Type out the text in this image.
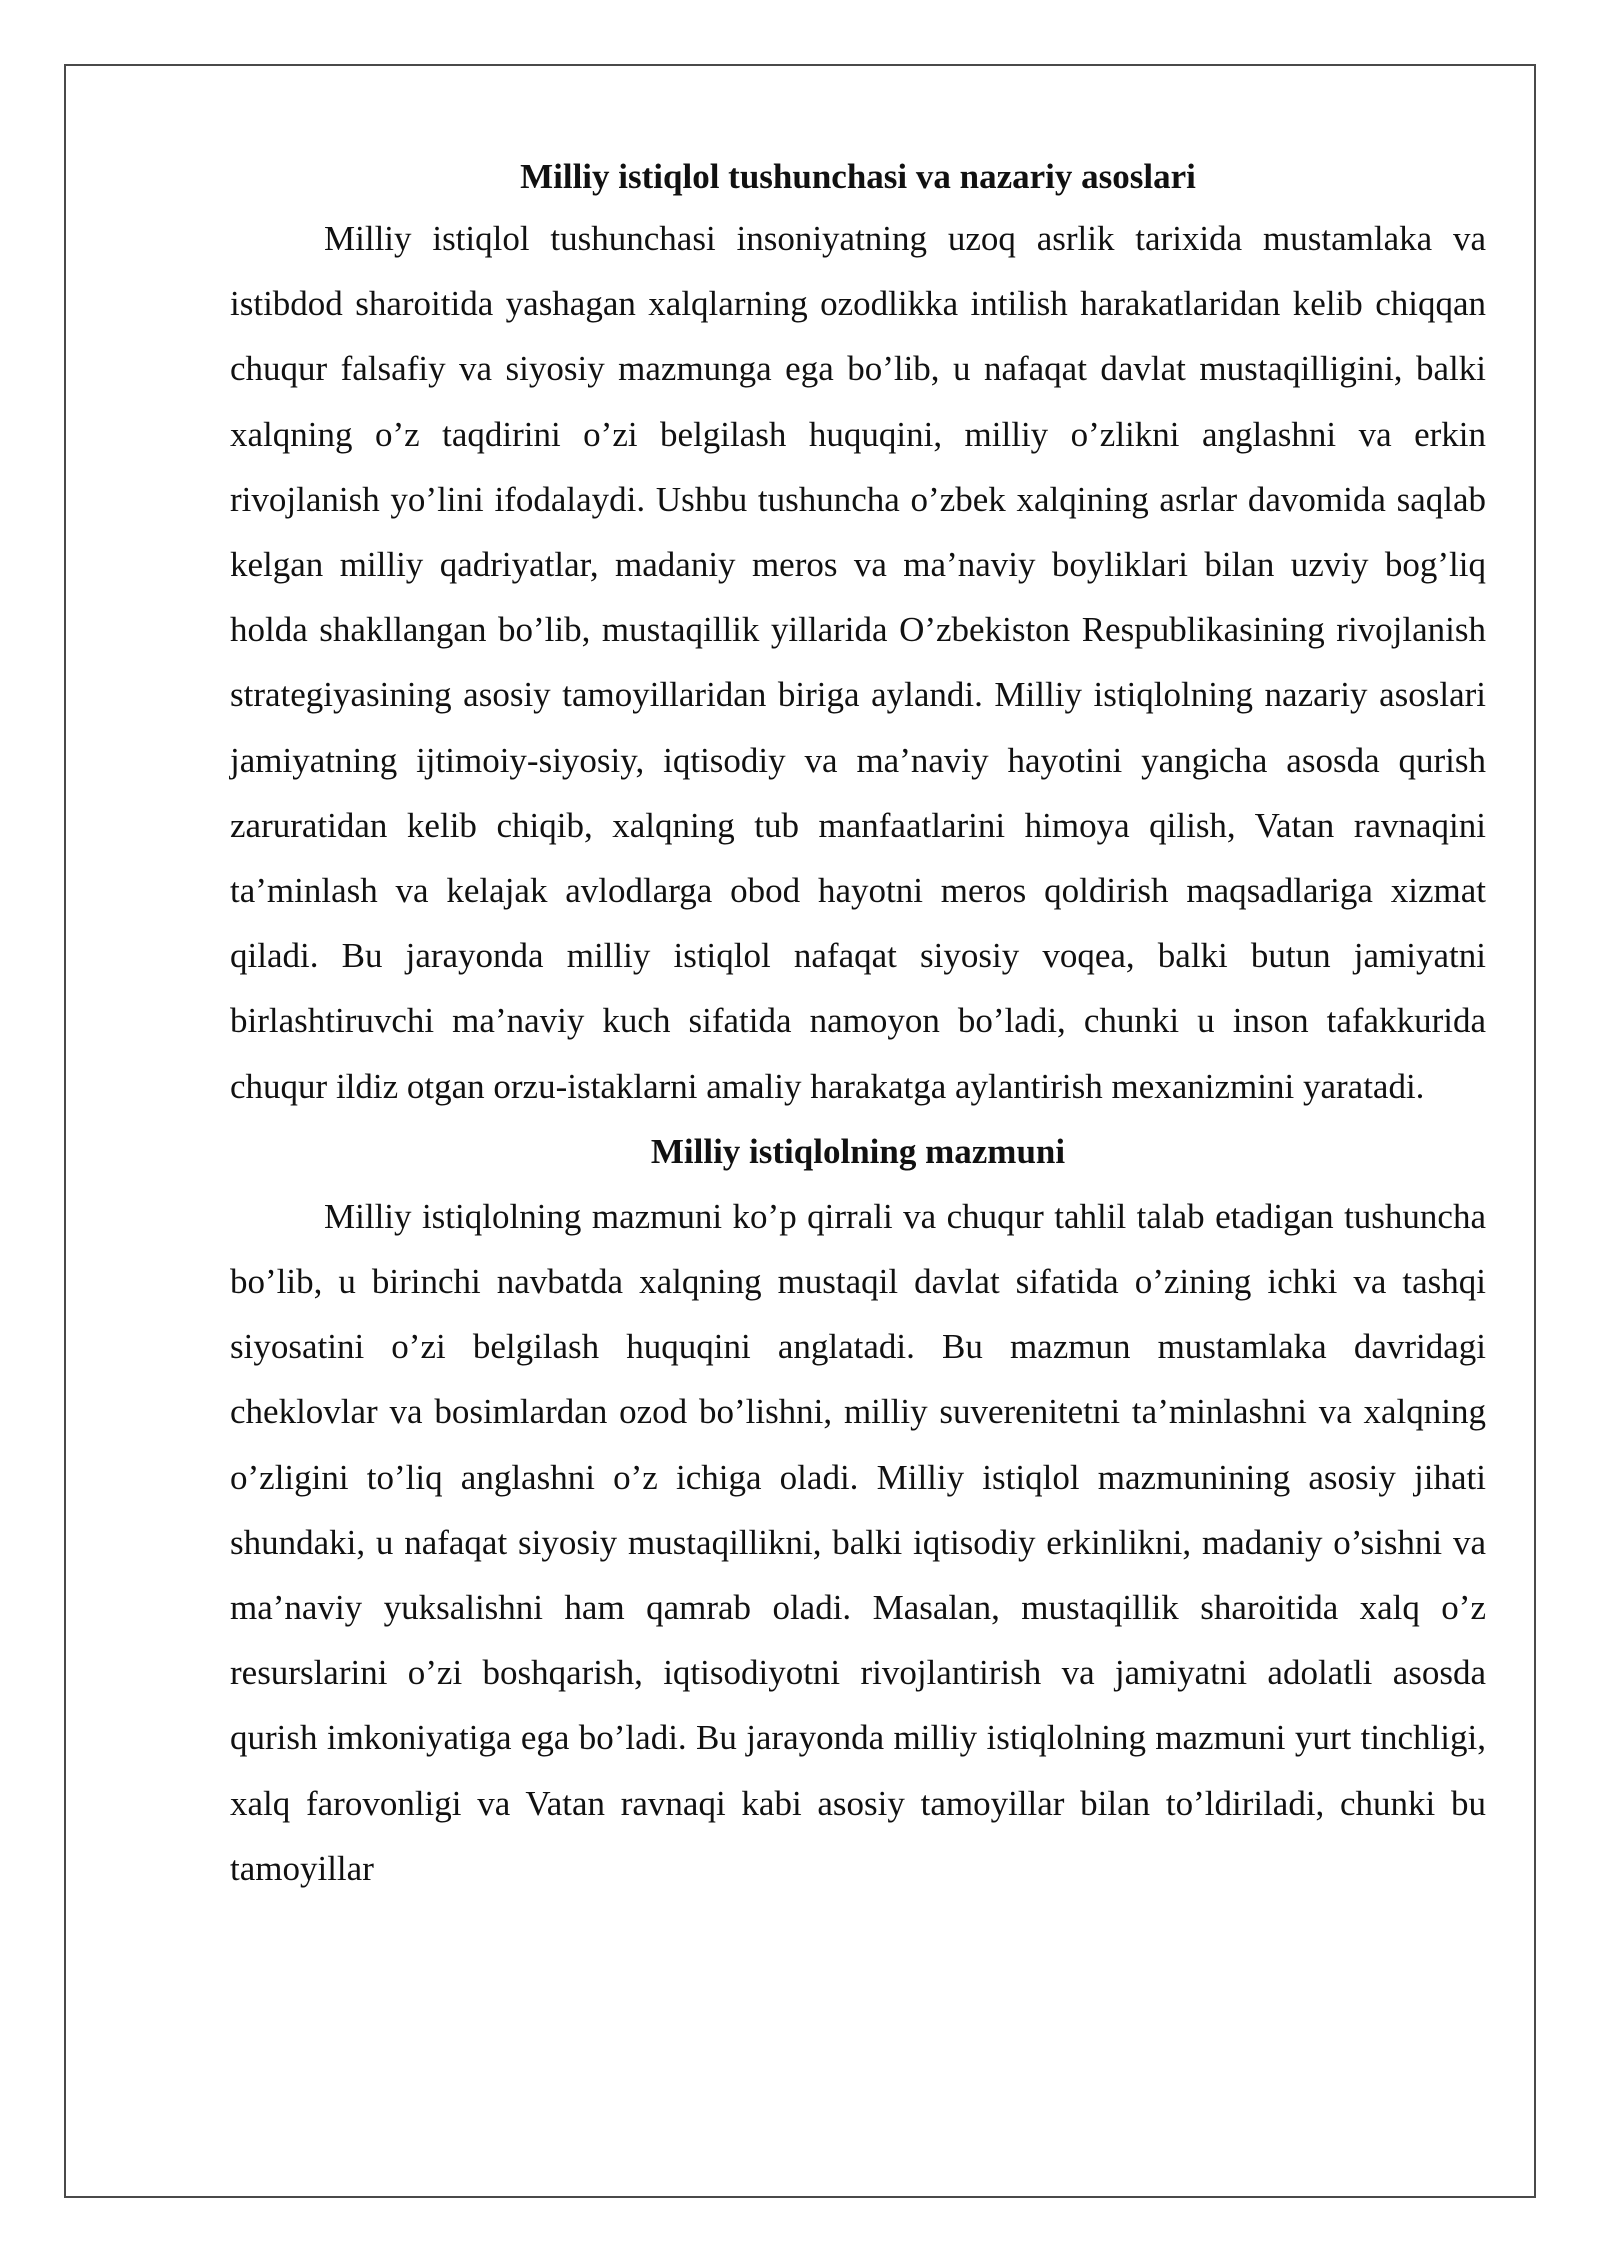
Milliy istiqlol tushunchasi va nazariy asoslari

Milliy istiqlol tushunchasi insoniyatning uzoq asrlik tarixida mustamlaka va istibdod sharoitida yashagan xalqlarning ozodlikka intilish harakatlaridan kelib chiqqan chuqur falsafiy va siyosiy mazmunga ega bo’lib, u nafaqat davlat mustaqilligini, balki xalqning o’z taqdirini o’zi belgilash huquqini, milliy o’zlikni anglashni va erkin rivojlanish yo’lini ifodalaydi. Ushbu tushuncha o’zbek xalqining asrlar davomida saqlab kelgan milliy qadriyatlar, madaniy meros va ma’naviy boyliklari bilan uzviy bog’liq holda shakllangan bo’lib, mustaqillik yillarida O’zbekiston Respublikasining rivojlanish strategiyasining asosiy tamoyillaridan biriga aylandi. Milliy istiqlolning nazariy asoslari jamiyatning ijtimoiy-siyosiy, iqtisodiy va ma’naviy hayotini yangicha asosda qurish zaruratidan kelib chiqib, xalqning tub manfaatlarini himoya qilish, Vatan ravnaqini ta’minlash va kelajak avlodlarga obod hayotni meros qoldirish maqsadlariga xizmat qiladi. Bu jarayonda milliy istiqlol nafaqat siyosiy voqea, balki butun jamiyatni birlashtiruvchi ma’naviy kuch sifatida namoyon bo’ladi, chunki u inson tafakkurida chuqur ildiz otgan orzu-istaklarni amaliy harakatga aylantirish mexanizmini yaratadi.

Milliy istiqlolning mazmuni

Milliy istiqlolning mazmuni ko’p qirrali va chuqur tahlil talab etadigan tushuncha bo’lib, u birinchi navbatda xalqning mustaqil davlat sifatida o’zining ichki va tashqi siyosatini o’zi belgilash huquqini anglatadi. Bu mazmun mustamlaka davridagi cheklovlar va bosimlardan ozod bo’lishni, milliy suverenitetni ta’minlashni va xalqning o’zligini to’liq anglashni o’z ichiga oladi. Milliy istiqlol mazmunining asosiy jihati shundaki, u nafaqat siyosiy mustaqillikni, balki iqtisodiy erkinlikni, madaniy o’sishni va ma’naviy yuksalishni ham qamrab oladi. Masalan, mustaqillik sharoitida xalq o’z resurslarini o’zi boshqarish, iqtisodiyotni rivojlantirish va jamiyatni adolatli asosda qurish imkoniyatiga ega bo’ladi. Bu jarayonda milliy istiqlolning mazmuni yurt tinchligi, xalq farovonligi va Vatan ravnaqi kabi asosiy tamoyillar bilan to’ldiriladi, chunki bu tamoyillar
